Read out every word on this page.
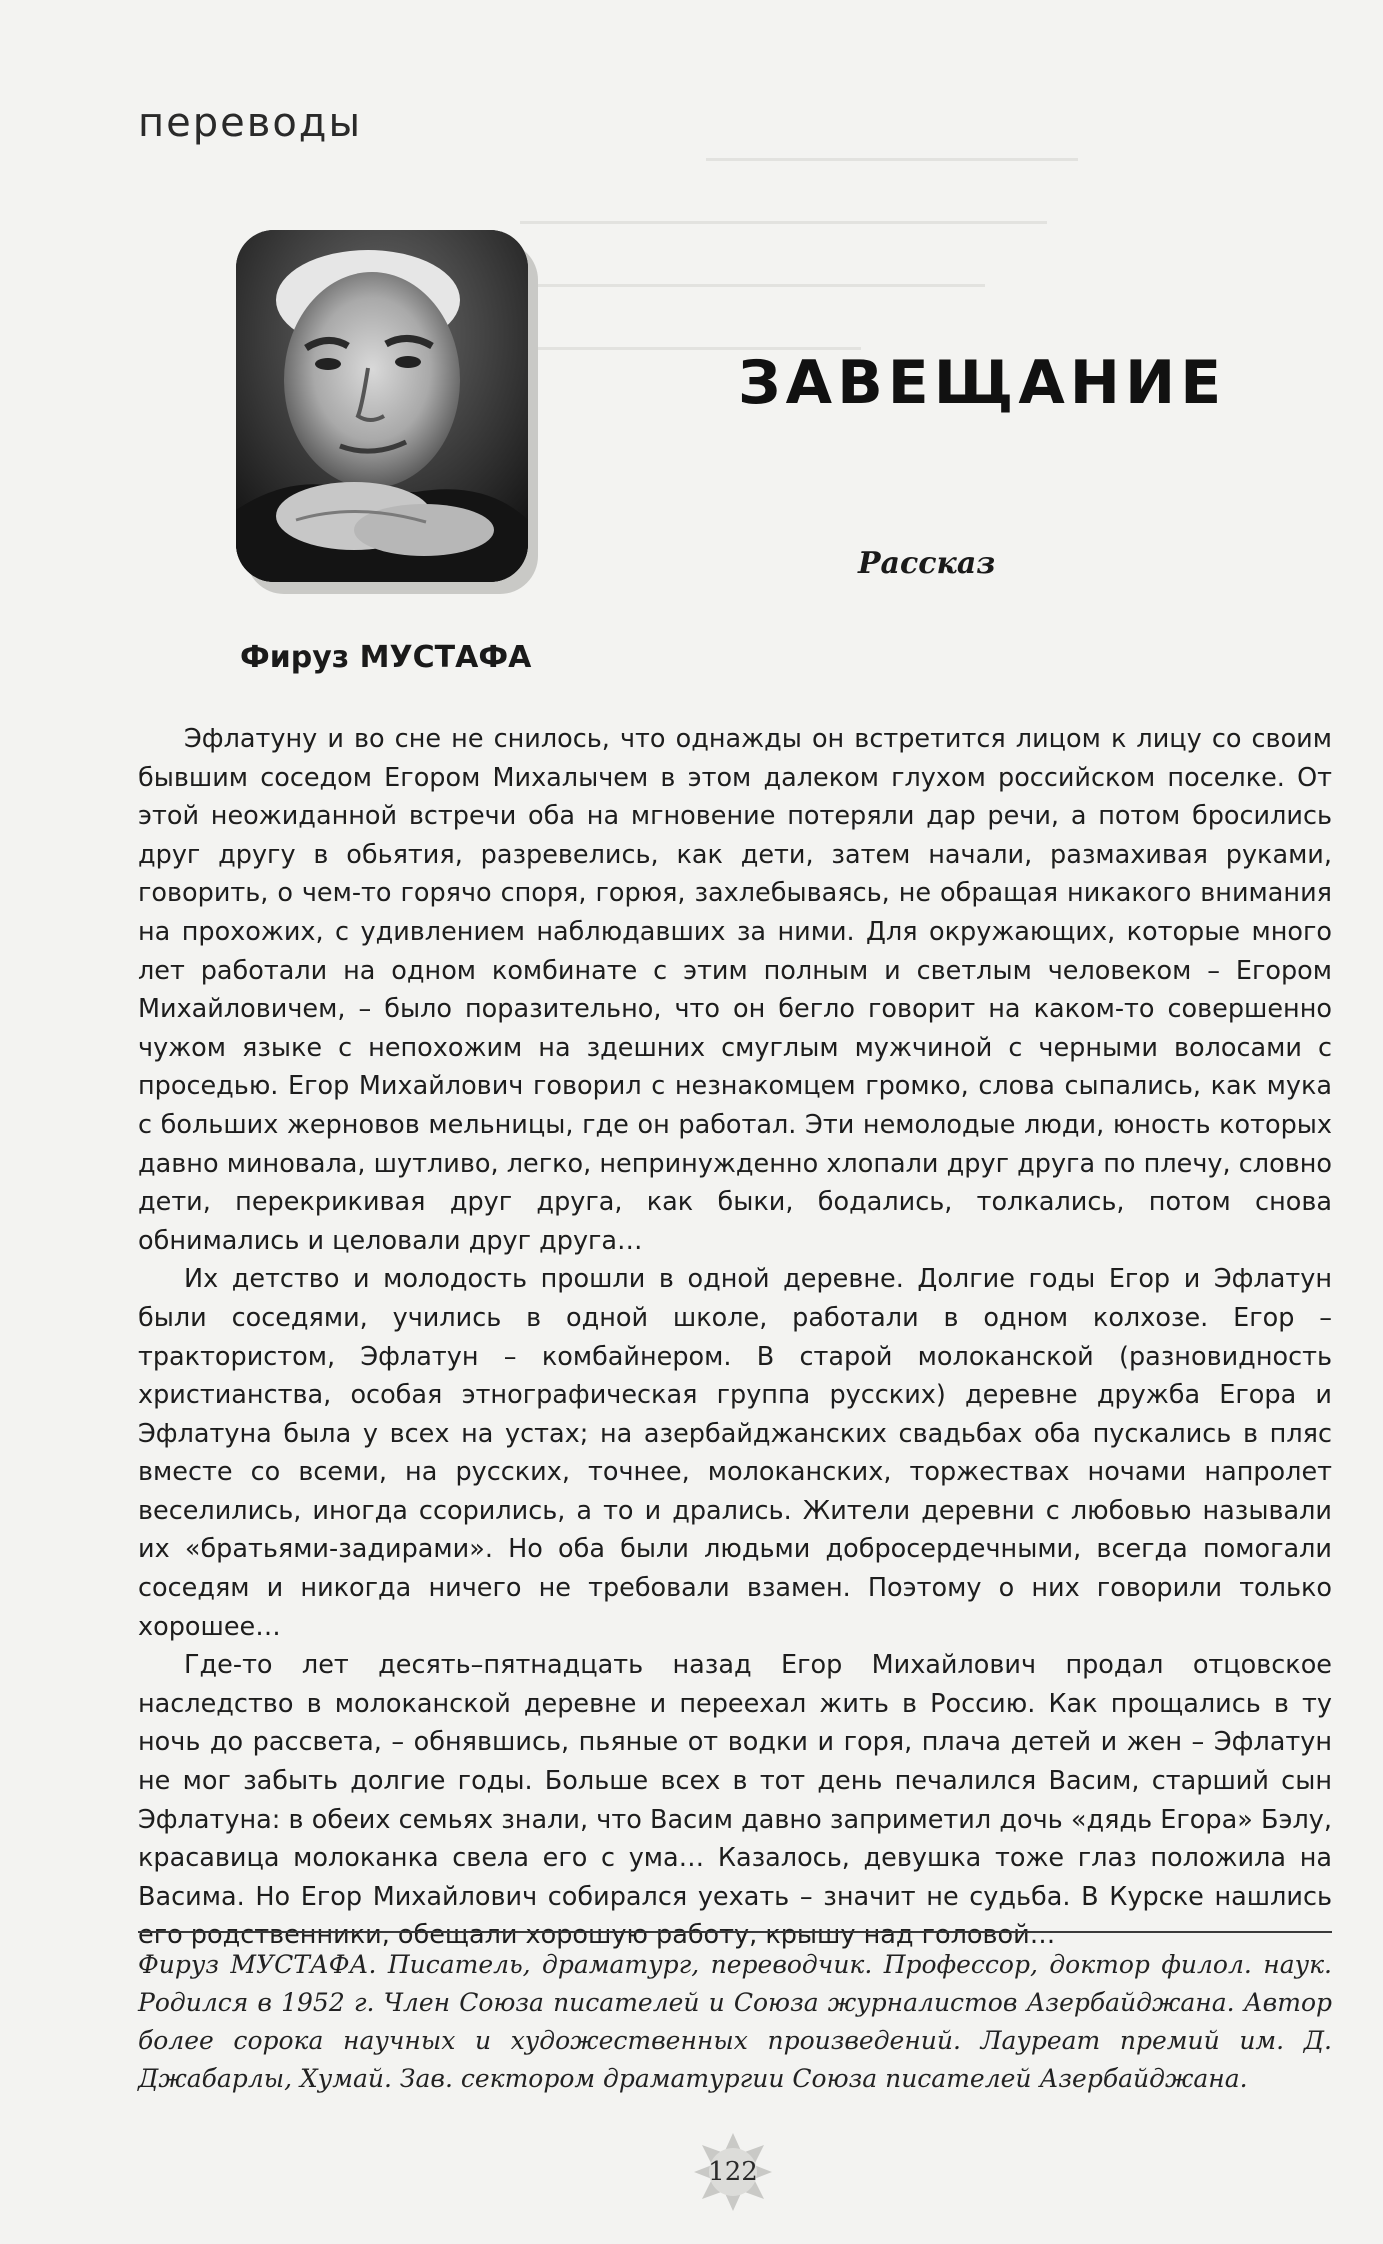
переводы
ЗАВЕЩАНИЕ
Рассказ
Фируз МУСТАФА

Эфлатуну и во сне не снилось, что однажды он встретится лицом к лицу со своим бывшим соседом Егором Михалычем в этом далеком глухом российском поселке. От этой неожиданной встречи оба на мгновение потеряли дар речи, а потом бросились друг другу в обьятия, разревелись, как дети, затем начали, размахивая руками, говорить, о чем-то горячо споря, горюя, захлебываясь, не обращая никакого внимания на прохожих, с удивлением наблюдавших за ними. Для окружающих, которые много лет работали на одном комбинате с этим полным и светлым человеком – Егором Михайловичем, – было поразительно, что он бегло говорит на каком-то совершенно чужом языке с непохожим на здешних смуглым мужчиной с черными волосами с проседью. Егор Михайлович говорил с незнакомцем громко, слова сыпались, как мука с больших жерновов мельницы, где он работал. Эти немолодые люди, юность которых давно миновала, шутливо, легко, непринужденно хлопали друг друга по плечу, словно дети, перекрикивая друг друга, как быки, бодались, толкались, потом снова обнимались и целовали друг друга…

Их детство и молодость прошли в одной деревне. Долгие годы Егор и Эфлатун были соседями, учились в одной школе, работали в одном колхозе. Егор – трактористом, Эфлатун – комбайнером. В старой молоканской (разновидность христианства, особая этнографическая группа русских) деревне дружба Егора и Эфлатуна была у всех на устах; на азербайджанских свадьбах оба пускались в пляс вместе со всеми, на русских, точнее, молоканских, торжествах ночами напролет веселились, иногда ссорились, а то и дрались. Жители деревни с любовью называли их «братьями-задирами». Но оба были людьми добросердечными, всегда помогали соседям и никогда ничего не требовали взамен. Поэтому о них говорили только хорошее…

Где-то лет десять–пятнадцать назад Егор Михайлович продал отцовское наследство в молоканской деревне и переехал жить в Россию. Как прощались в ту ночь до рассвета, – обнявшись, пьяные от водки и горя, плача детей и жен – Эфлатун не мог забыть долгие годы. Больше всех в тот день печалился Васим, старший сын Эфлатуна: в обеих семьях знали, что Васим давно заприметил дочь «дядь Егора» Бэлу, красавица молоканка свела его с ума… Казалось, девушка тоже глаз положила на Васима. Но Егор Михайлович собирался уехать – значит не судьба. В Курске нашлись его родственники, обещали хорошую работу, крышу над головой…

Фируз МУСТАФА. Писатель, драматург, переводчик. Профессор, доктор филол. наук. Родился в 1952 г. Член Союза писателей и Союза журналистов Азербайджана. Автор более сорока научных и художественных произведений. Лауреат премий им. Д. Джабарлы, Хумай. Зав. сектором драматургии Союза писателей Азербайджана.
122
